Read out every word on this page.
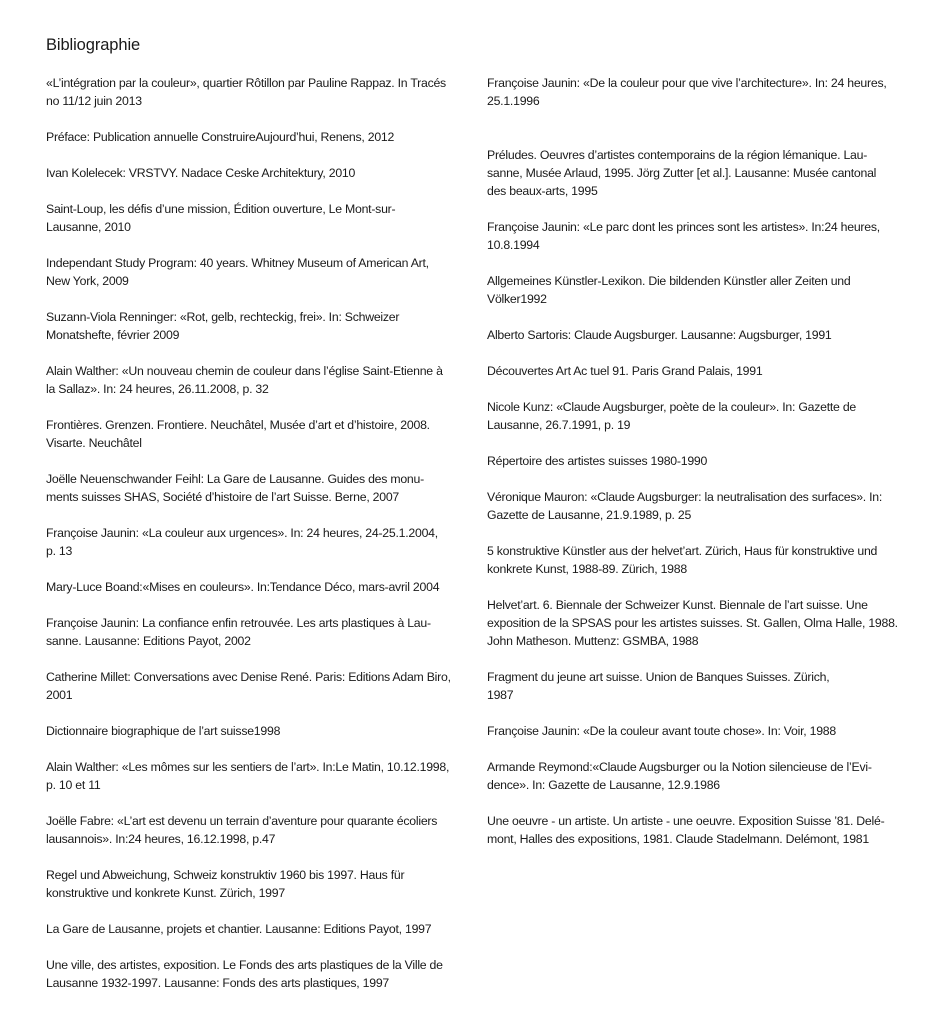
Bibliographie

«L’intégration par la couleur», quartier Rôtillon par Pauline Rappaz. In Tracés
no 11/12 juin 2013

Préface: Publication annuelle ConstruireAujourd’hui, Renens, 2012

Ivan Kolelecek: VRSTVY. Nadace Ceske Architektury, 2010

Saint-Loup, les défis d’une mission, Édition ouverture, Le Mont-sur-
Lausanne, 2010

Independant Study Program: 40 years. Whitney Museum of American Art,
New York, 2009

Suzann-Viola Renninger: «Rot, gelb, rechteckig, frei». In: Schweizer
Monatshefte, février 2009

Alain Walther: «Un nouveau chemin de couleur dans l’église Saint-Etienne à
la Sallaz». In: 24 heures, 26.11.2008, p. 32

Frontières. Grenzen. Frontiere. Neuchâtel, Musée d’art et d’histoire, 2008.
Visarte. Neuchâtel

Joëlle Neuenschwander Feihl: La Gare de Lausanne. Guides des monu-
ments suisses SHAS, Société d’histoire de l’art Suisse. Berne, 2007

Françoise Jaunin: «La couleur aux urgences». In: 24 heures, 24-25.1.2004,
p. 13

Mary-Luce Boand:«Mises en couleurs». In:Tendance Déco, mars-avril 2004

Françoise Jaunin: La confiance enfin retrouvée. Les arts plastiques à Lau-
sanne. Lausanne: Editions Payot, 2002

Catherine Millet: Conversations avec Denise René. Paris: Editions Adam Biro,
2001

Dictionnaire biographique de l’art suisse1998

Alain Walther: «Les mômes sur les sentiers de l’art». In:Le Matin, 10.12.1998,
p. 10 et 11

Joëlle Fabre: «L’art est devenu un terrain d’aventure pour quarante écoliers
lausannois». In:24 heures, 16.12.1998, p.47

Regel und Abweichung, Schweiz konstruktiv 1960 bis 1997. Haus für
konstruktive und konkrete Kunst. Zürich, 1997

La Gare de Lausanne, projets et chantier. Lausanne: Editions Payot, 1997

Une ville, des artistes, exposition. Le Fonds des arts plastiques de la Ville de
Lausanne 1932-1997. Lausanne: Fonds des arts plastiques, 1997

Françoise Jaunin: «De la couleur pour que vive l’architecture». In: 24 heures,
25.1.1996

Préludes. Oeuvres d’artistes contemporains de la région lémanique. Lau-
sanne, Musée Arlaud, 1995. Jörg Zutter [et al.]. Lausanne: Musée cantonal
des beaux-arts, 1995

Françoise Jaunin: «Le parc dont les princes sont les artistes». In:24 heures,
10.8.1994

Allgemeines Künstler-Lexikon. Die bildenden Künstler aller Zeiten und
Völker1992

Alberto Sartoris: Claude Augsburger. Lausanne: Augsburger, 1991

Découvertes Art Ac tuel 91. Paris Grand Palais, 1991

Nicole Kunz: «Claude Augsburger, poète de la couleur». In: Gazette de
Lausanne, 26.7.1991, p. 19

Répertoire des artistes suisses 1980-1990

Véronique Mauron: «Claude Augsburger: la neutralisation des surfaces». In:
Gazette de Lausanne, 21.9.1989, p. 25

5 konstruktive Künstler aus der helvet’art. Zürich, Haus für konstruktive und
konkrete Kunst, 1988-89. Zürich, 1988

Helvet’art. 6. Biennale der Schweizer Kunst. Biennale de l’art suisse. Une
exposition de la SPSAS pour les artistes suisses. St. Gallen, Olma Halle, 1988.
John Matheson. Muttenz: GSMBA, 1988

Fragment du jeune art suisse. Union de Banques Suisses. Zürich,
1987

Françoise Jaunin: «De la couleur avant toute chose». In: Voir, 1988

Armande Reymond:«Claude Augsburger ou la Notion silencieuse de l’Evi-
dence». In: Gazette de Lausanne, 12.9.1986

Une oeuvre - un artiste. Un artiste - une oeuvre. Exposition Suisse ’81. Delé-
mont, Halles des expositions, 1981. Claude Stadelmann. Delémont, 1981
